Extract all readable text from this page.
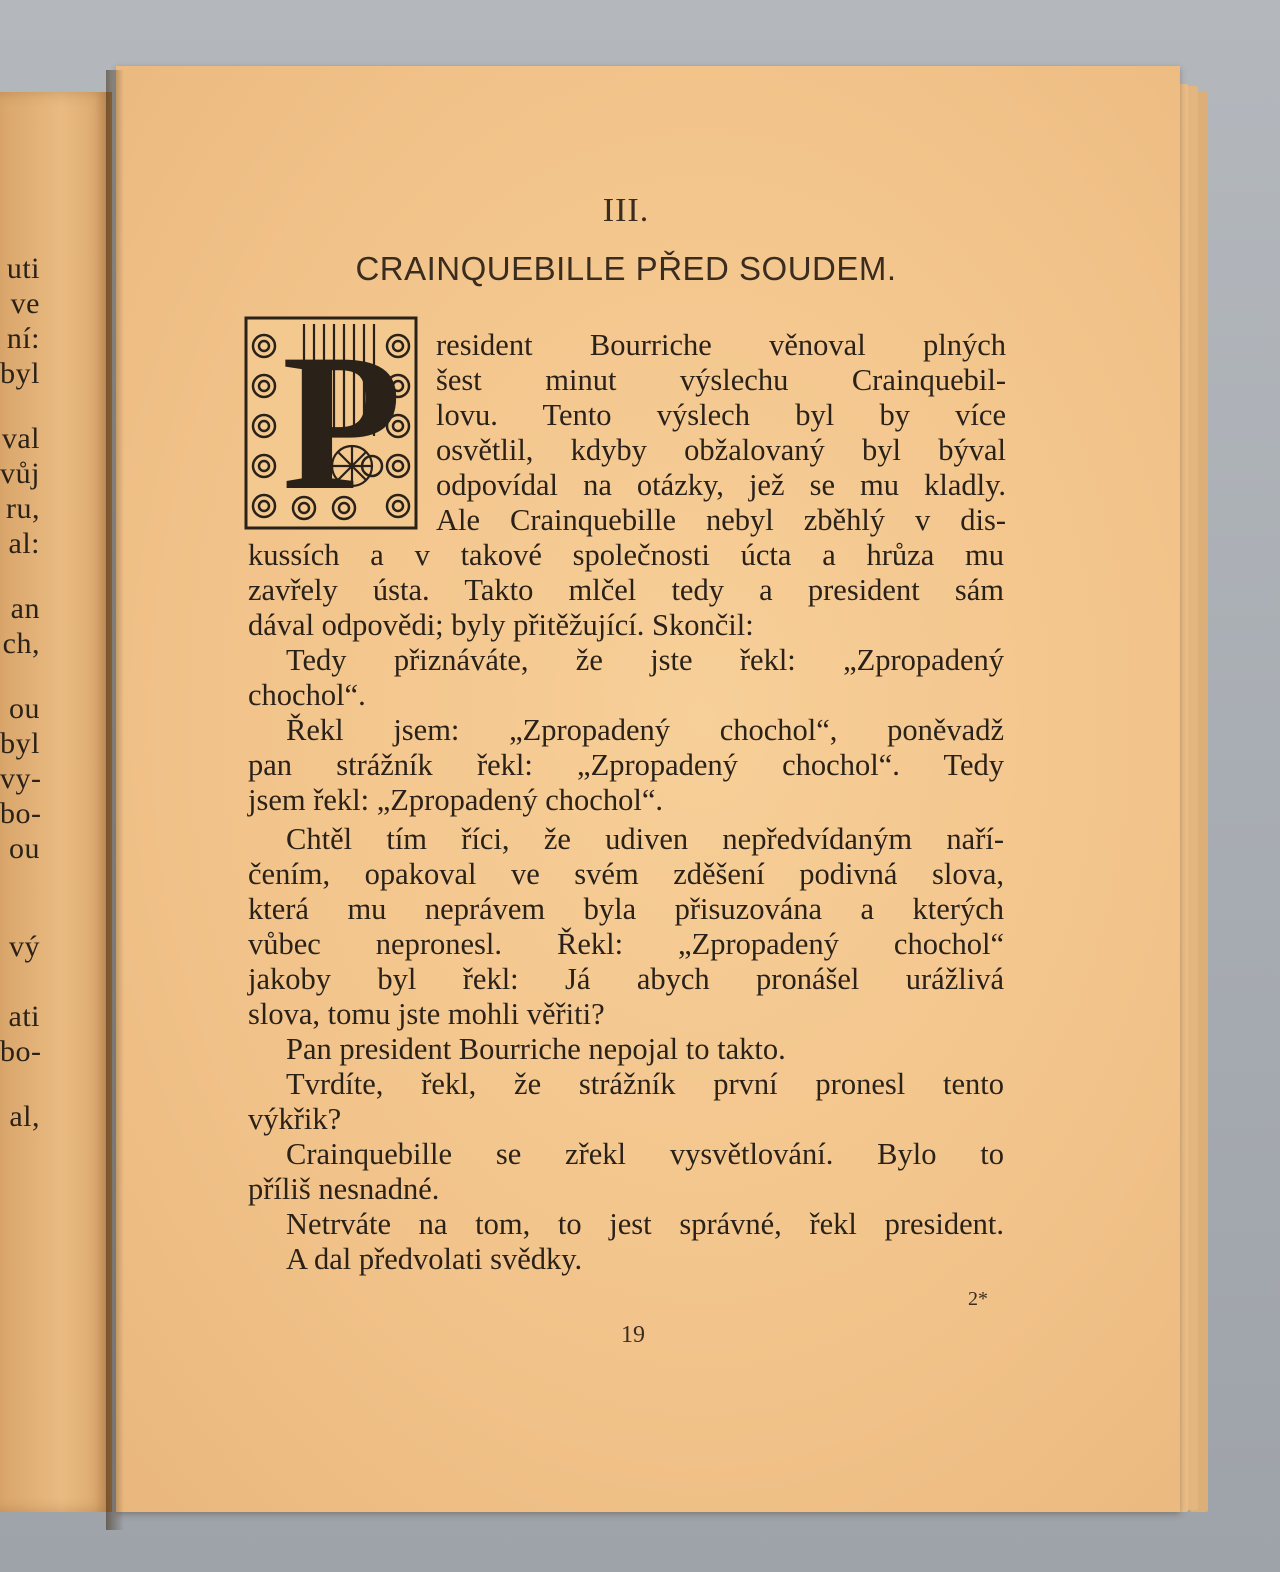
uti
ve
ní:
byl
val
vůj
ru,
al:
an
ch,
ou
byl
vy-
bo-
ou
vý
ati
bo-
al,
III.
CRAINQUEBILLE PŘED SOUDEM.
P resident Bourriche věnoval plných
šest minut výslechu Crainquebil-
lovu. Tento výslech byl by více
osvětlil, kdyby obžalovaný byl býval
odpovídal na otázky, jež se mu kladly.
Ale Crainquebille nebyl zběhlý v dis-
kussích a v takové společnosti úcta a hrůza mu
zavřely ústa. Takto mlčel tedy a president sám
dával odpovědi; byly přitěžující. Skončil:
Tedy přiznáváte, že jste řekl: „Zpropadený
chochol“.
Řekl jsem: „Zpropadený chochol“, poněvadž
pan strážník řekl: „Zpropadený chochol“. Tedy
jsem řekl: „Zpropadený chochol“.
Chtěl tím říci, že udiven nepředvídaným naří-
čením, opakoval ve svém zděšení podivná slova,
která mu neprávem byla přisuzována a kterých
vůbec nepronesl. Řekl: „Zpropadený chochol“
jakoby byl řekl: Já abych pronášel urážlivá
slova, tomu jste mohli věřiti?
Pan president Bourriche nepojal to takto.
Tvrdíte, řekl, že strážník první pronesl tento
výkřik?
Crainquebille se zřekl vysvětlování. Bylo to
příliš nesnadné.
Netrváte na tom, to jest správné, řekl president.
A dal předvolati svědky.
2*
19
